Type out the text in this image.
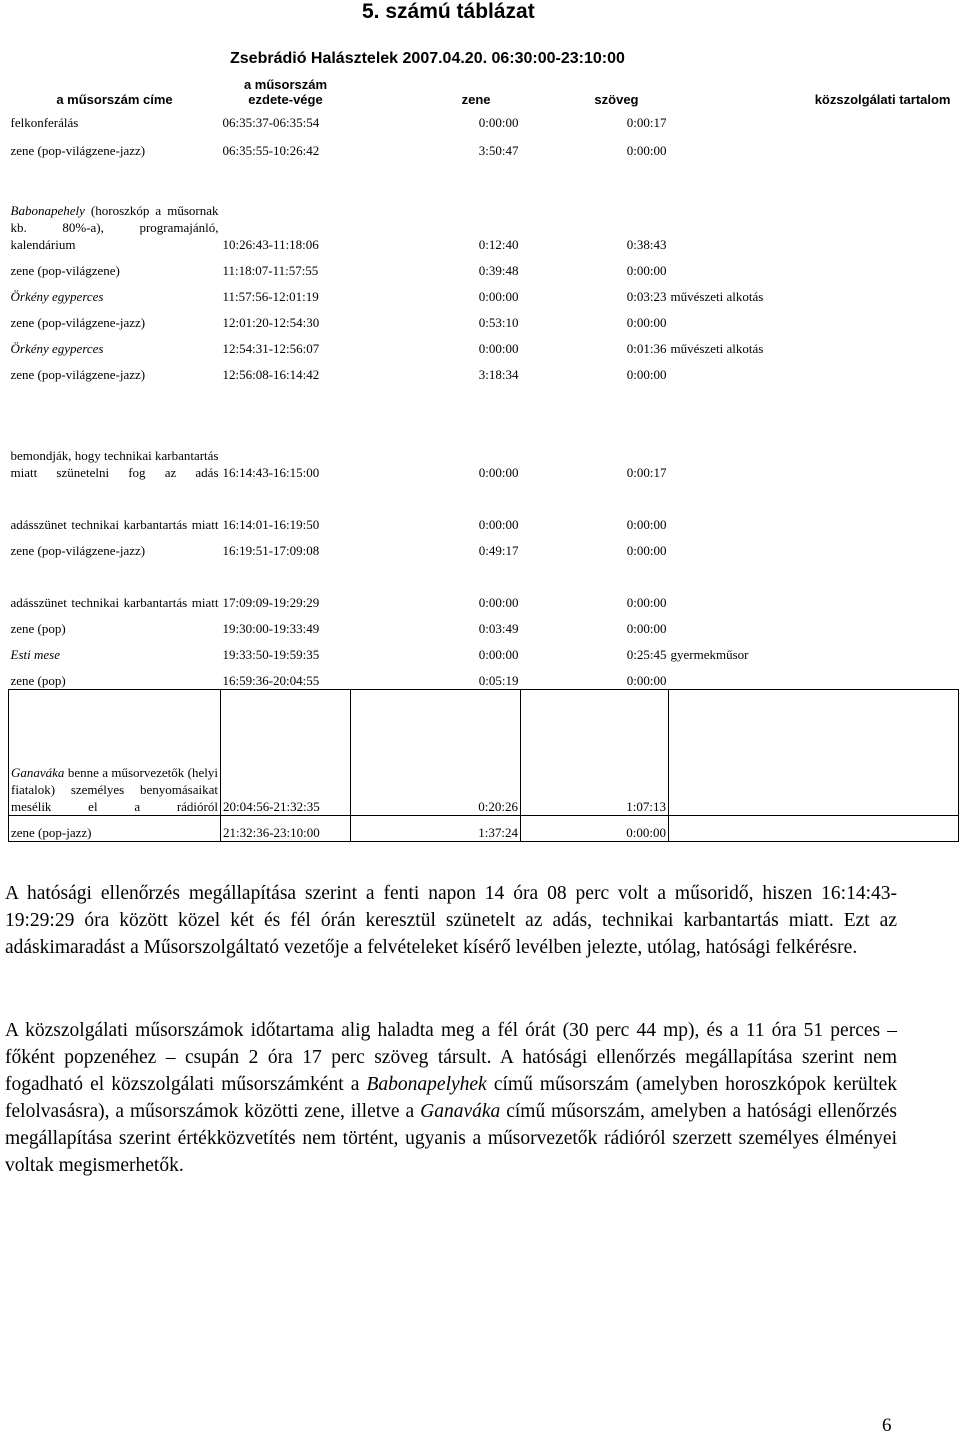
5. számú táblázat
Zsebrádió Halásztelek 2007.04.20. 06:30:00-23:10:00
a műsorszám címe	a műsorszám ezdete-vége	zene	szöveg	közszolgálati tartalom
felkonferálás	06:35:37-06:35:54	0:00:00	0:00:17	
zene (pop-világzene-jazz)	06:35:55-10:26:42	3:50:47	0:00:00	

Babonapehely (horoszkóp a műsornak kb. 80%-a), programajánló, kalendárium	10:26:43-11:18:06	0:12:40	0:38:43	
zene (pop-világzene)	11:18:07-11:57:55	0:39:48	0:00:00	
Örkény egyperces	11:57:56-12:01:19	0:00:00	0:03:23	művészeti alkotás
zene (pop-világzene-jazz)	12:01:20-12:54:30	0:53:10	0:00:00	
Örkény egyperces	12:54:31-12:56:07	0:00:00	0:01:36	művészeti alkotás
zene (pop-világzene-jazz)	12:56:08-16:14:42	3:18:34	0:00:00	

bemondják, hogy technikai karbantartás miatt szünetelni fog az adás	16:14:43-16:15:00	0:00:00	0:00:17	
adásszünet technikai karbantartás miatt	16:14:01-16:19:50	0:00:00	0:00:00	
zene (pop-világzene-jazz)	16:19:51-17:09:08	0:49:17	0:00:00	
adásszünet technikai karbantartás miatt	17:09:09-19:29:29	0:00:00	0:00:00	
zene (pop)	19:30:00-19:33:49	0:03:49	0:00:00	
Esti mese	19:33:50-19:59:35	0:00:00	0:25:45	gyermekműsor
zene (pop)	16:59:36-20:04:55	0:05:19	0:00:00	
Ganaváka benne a műsorvezetők (helyi fiatalok) személyes benyomásaikat mesélik el a rádióról	20:04:56-21:32:35	0:20:26	1:07:13	
zene (pop-jazz)	21:32:36-23:10:00	1:37:24	0:00:00	

A hatósági ellenőrzés megállapítása szerint a fenti napon 14 óra 08 perc volt a műsoridő, hiszen 16:14:43-19:29:29 óra között közel két és fél órán keresztül szünetelt az adás, technikai karbantartás miatt. Ezt az adáskimaradást a Műsorszolgáltató vezetője a felvételeket kísérő levélben jelezte, utólag, hatósági felkérésre.

A közszolgálati műsorszámok időtartama alig haladta meg a fél órát (30 perc 44 mp), és a 11 óra 51 perces – főként popzenéhez – csupán 2 óra 17 perc szöveg társult. A hatósági ellenőrzés megállapítása szerint nem fogadható el közszolgálati műsorszámként a Babonapelyhek című műsorszám (amelyben horoszkópok kerültek felolvasásra), a műsorszámok közötti zene, illetve a Ganaváka című műsorszám, amelyben a hatósági ellenőrzés megállapítása szerint értékközvetítés nem történt, ugyanis a műsorvezetők rádióról szerzett személyes élményei voltak megismerhetők.

6
